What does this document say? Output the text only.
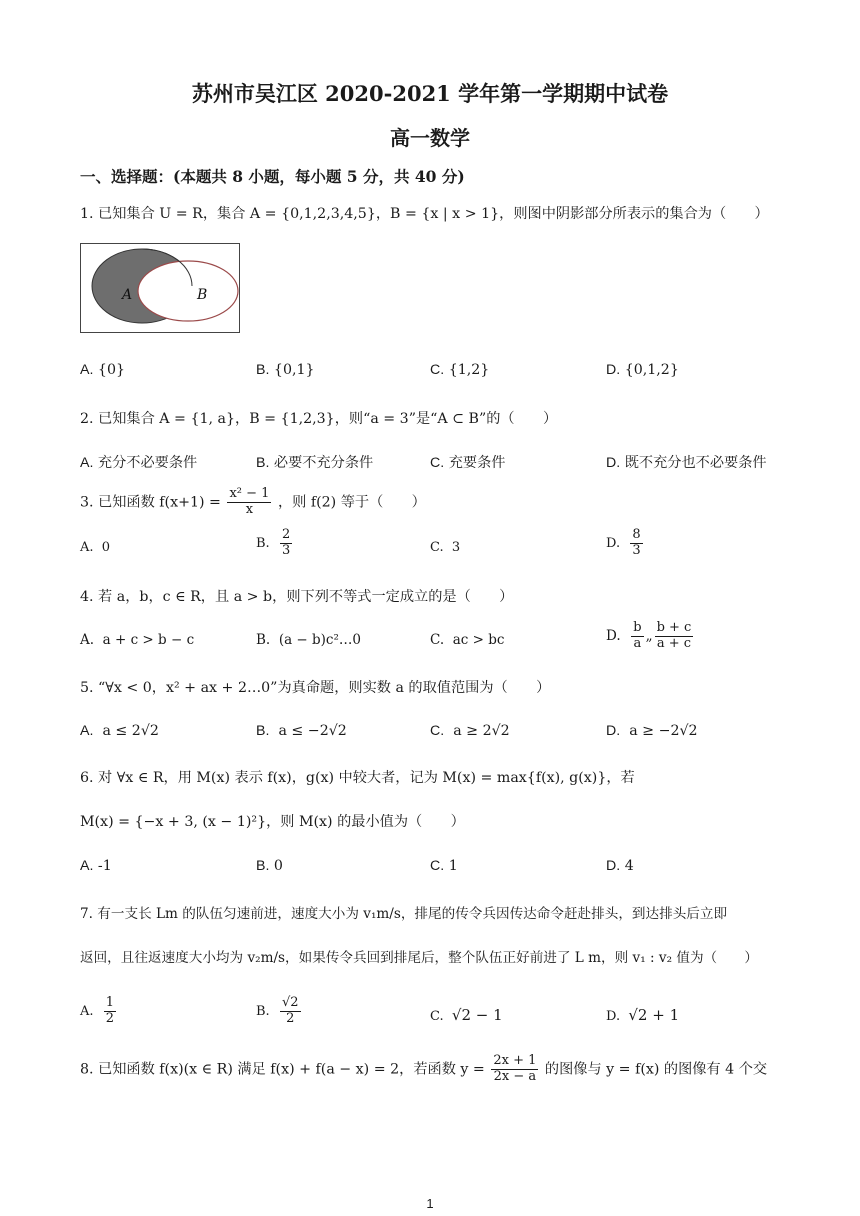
苏州市吴江区 2020-2021 学年第一学期期中试卷
高一数学
一、选择题：(本题共 8 小题，每小题 5 分，共 40 分)
1. 已知集合 U = R，集合 A = {0,1,2,3,4,5}，B = {x | x > 1}，则图中阴影部分所表示的集合为（　　）
A	B
A. {0}	B. {0,1}	C. {1,2}	D. {0,1,2}
2. 已知集合 A = {1, a}，B = {1,2,3}，则“a = 3”是“A ⊂ B”的（　　）
A. 充分不必要条件	B. 必要不充分条件	C. 充要条件	D. 既不充分也不必要条件
3. 已知函数 $f(x+1) = \frac{\text{x² − 1}}{x}$ ，则 f(2) 等于（　　）
A. 0	B. $\frac{2}{3}$	C. 3	D. $\frac{8}{3}$
4. 若 a，b，c ∈ R，且 a > b，则下列不等式一定成立的是（　　）
A. a + c > b − c	B. (a − b)c²…0	C. ac > bc	D. $\frac{b}{a}$ „ $\frac{b + c}{a + c}$
5. “∀x < 0，x² + ax + 2…0”为真命题，则实数 a 的取值范围为（　　）
A. a ≤ 2√2	B. a ≤ −2√2	C. a ≥ 2√2	D. a ≥ −2√2
6. 对 ∀x ∈ R，用 M(x) 表示 f(x)，g(x) 中较大者，记为 M(x) = max{f(x), g(x)}，若
M(x) = {−x + 3, (x − 1)²}，则 M(x) 的最小值为（　　）
A. -1	B. 0	C. 1	D. 4
7. 有一支长 Lm 的队伍匀速前进，速度大小为 v₁m/s，排尾的传令兵因传达命令赶赴排头，到达排头后立即
返回，且往返速度大小均为 v₂m/s，如果传令兵回到排尾后，整个队伍正好前进了 L m，则 v₁ : v₂ 值为（　　）
A. $\frac{1}{2}$	B. $\frac{√2}{2}$	C. √2 − 1	D. √2 + 1
8. 已知函数 f(x)(x ∈ R) 满足 f(x) + f(a − x) = 2，若函数 $y = \frac{2x + 1}{2x - a}$ 的图像与 y = f(x) 的图像有 4 个交
1
